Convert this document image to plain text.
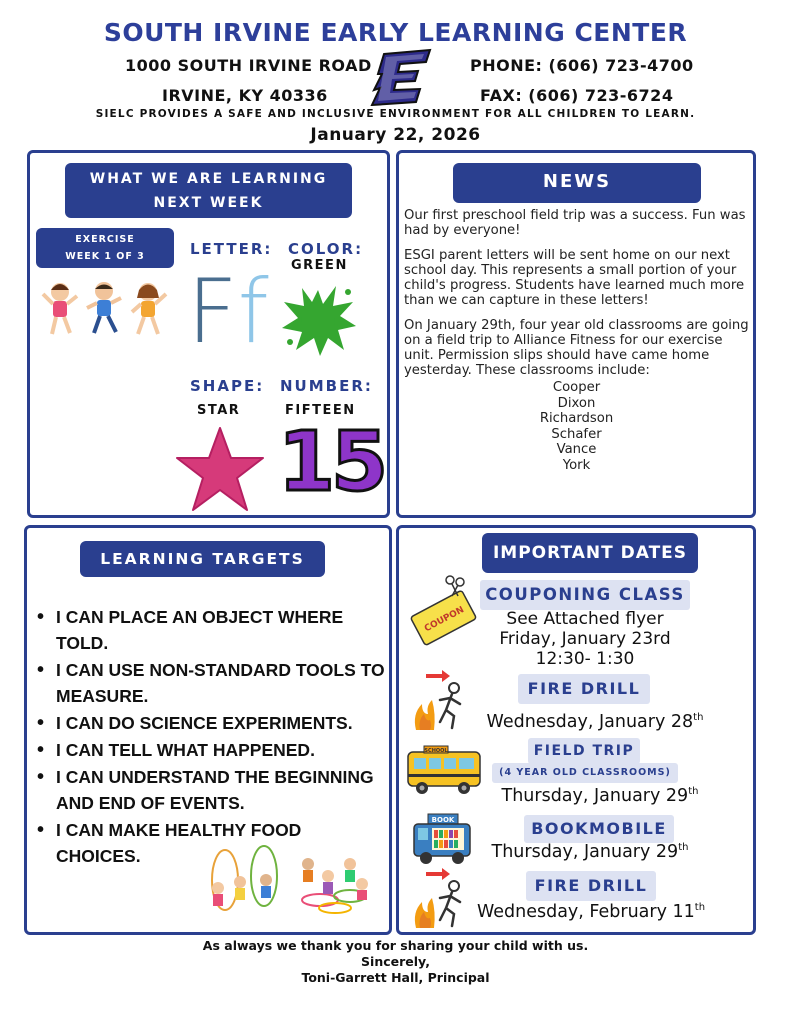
SOUTH IRVINE EARLY LEARNING CENTER
1000 SOUTH IRVINE ROAD
IRVINE, KY 40336
PHONE: (606) 723-4700
FAX: (606) 723-6724
SIELC PROVIDES A SAFE AND INCLUSIVE ENVIRONMENT FOR ALL CHILDREN TO LEARN.
January 22, 2026
WHAT WE ARE LEARNING
NEXT WEEK
EXERCISE
WEEK 1 OF 3	LETTER: COLOR:
GREEN
Ff
SHAPE: NUMBER:
STAR	FIFTEEN
15
NEWS

Our first preschool field trip was a success. Fun was had by everyone!

ESGI parent letters will be sent home on our next school day. This represents a small portion of your child's progress. Students have learned much more than we can capture in these letters!

On January 29th, four year old classrooms are going on a field trip to Alliance Fitness for our exercise unit. Permission slips should have came home yesterday. These classrooms include:

Cooper
Dixon
Richardson
Schafer
Vance
York
LEARNING TARGETS
• I CAN PLACE AN OBJECT WHERE TOLD.
• I CAN USE NON-STANDARD TOOLS TO MEASURE.
• I CAN DO SCIENCE EXPERIMENTS.
• I CAN TELL WHAT HAPPENED.
• I CAN UNDERSTAND THE BEGINNING AND END OF EVENTS.
• I CAN MAKE HEALTHY FOOD CHOICES.
IMPORTANT DATES
COUPON
COUPONING CLASS
See Attached flyer
Friday, January 23rd
12:30- 1:30
FIRE DRILL
Wednesday, January 28th
SCHOOL	FIELD TRIP
(4 YEAR OLD CLASSROOMS)
Thursday, January 29th
BOOK	BOOKMOBILE
Thursday, January 29th
FIRE DRILL
Wednesday, February 11th
As always we thank you for sharing your child with us.
Sincerely,
Toni-Garrett Hall, Principal
